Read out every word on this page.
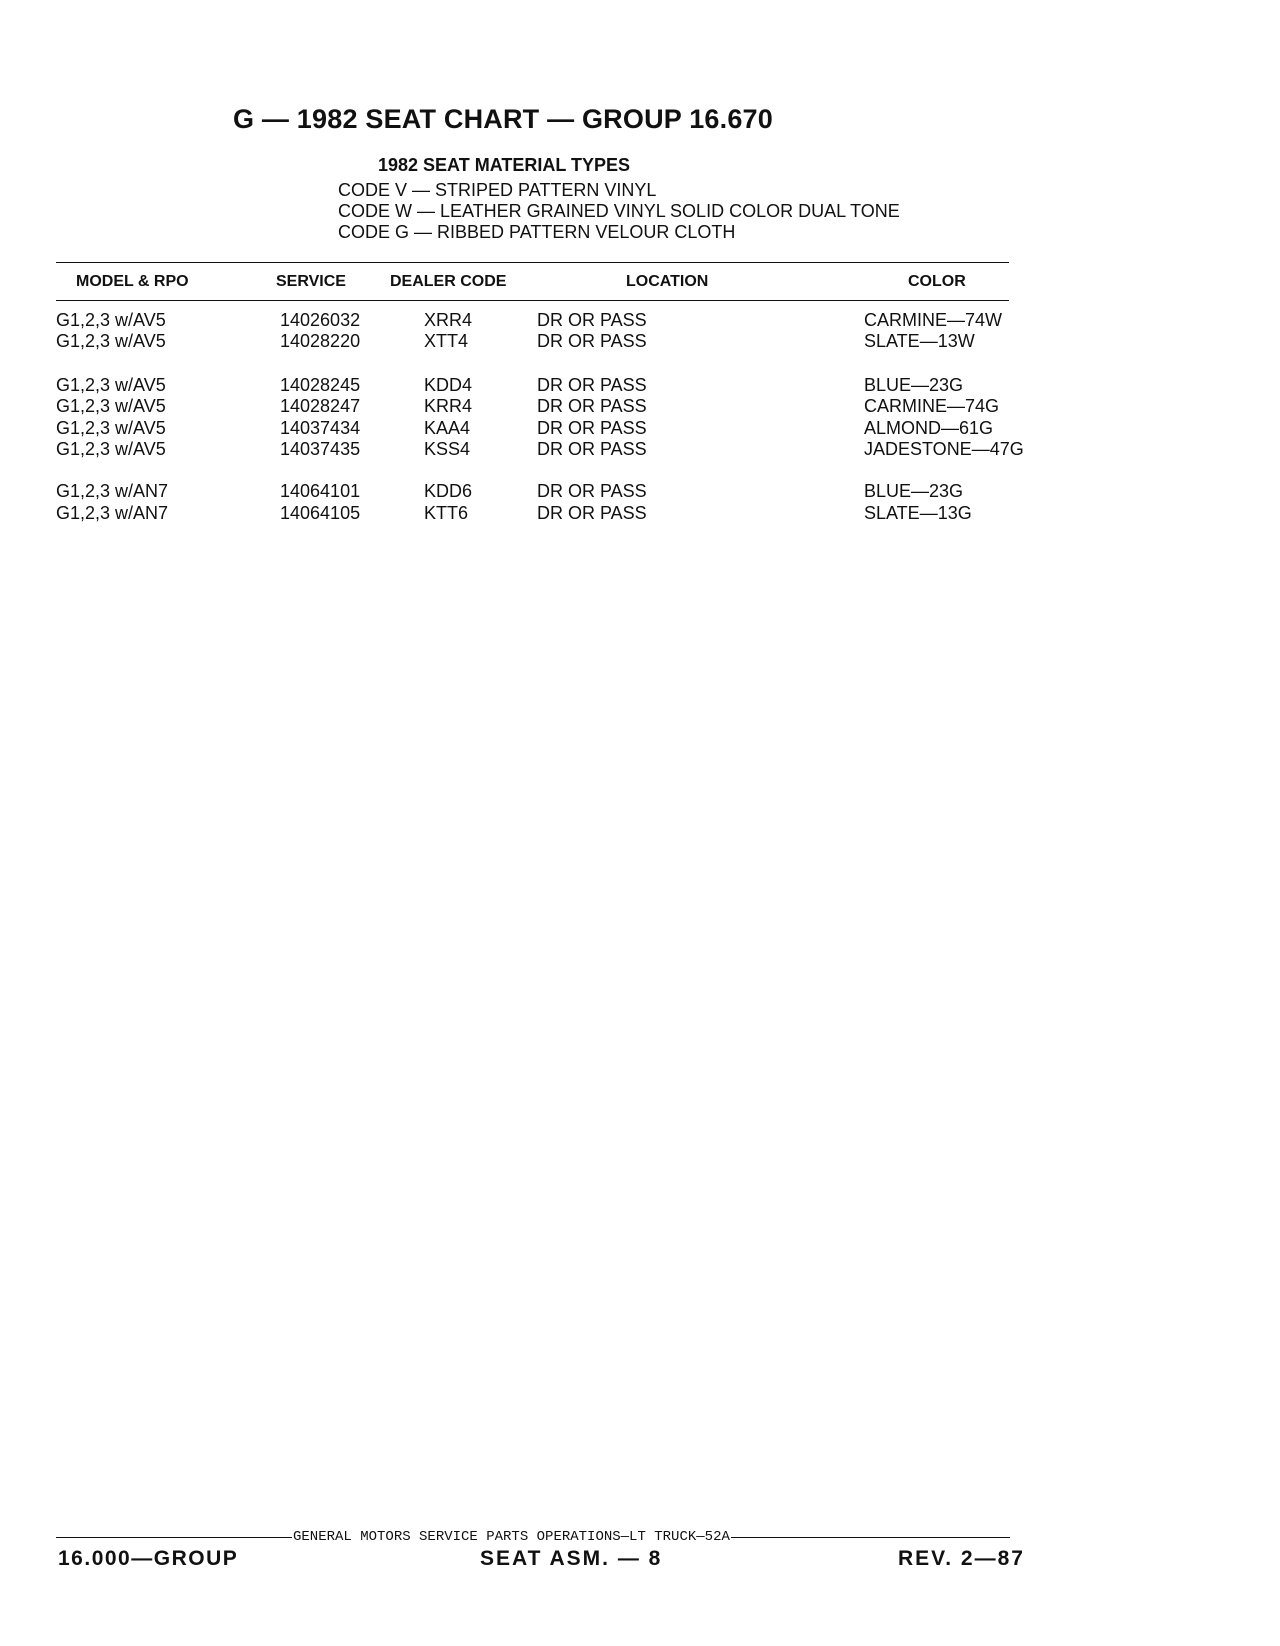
G — 1982 SEAT CHART — GROUP 16.670
1982 SEAT MATERIAL TYPES
CODE V — STRIPED PATTERN VINYL
CODE W — LEATHER GRAINED VINYL SOLID COLOR DUAL TONE
CODE G — RIBBED PATTERN VELOUR CLOTH
MODEL & RPO	SERVICE	DEALER CODE	LOCATION	COLOR
G1,2,3 w/AV5	14026032	XRR4	DR OR PASS	CARMINE—74W
G1,2,3 w/AV5	14028220	XTT4	DR OR PASS	SLATE—13W
G1,2,3 w/AV5	14028245	KDD4	DR OR PASS	BLUE—23G
G1,2,3 w/AV5	14028247	KRR4	DR OR PASS	CARMINE—74G
G1,2,3 w/AV5	14037434	KAA4	DR OR PASS	ALMOND—61G
G1,2,3 w/AV5	14037435	KSS4	DR OR PASS	JADESTONE—47G
G1,2,3 w/AN7	14064101	KDD6	DR OR PASS	BLUE—23G
G1,2,3 w/AN7	14064105	KTT6	DR OR PASS	SLATE—13G
GENERAL MOTORS SERVICE PARTS OPERATIONS—LT TRUCK—52A
16.000—GROUP	SEAT ASM. — 8	REV. 2—87
